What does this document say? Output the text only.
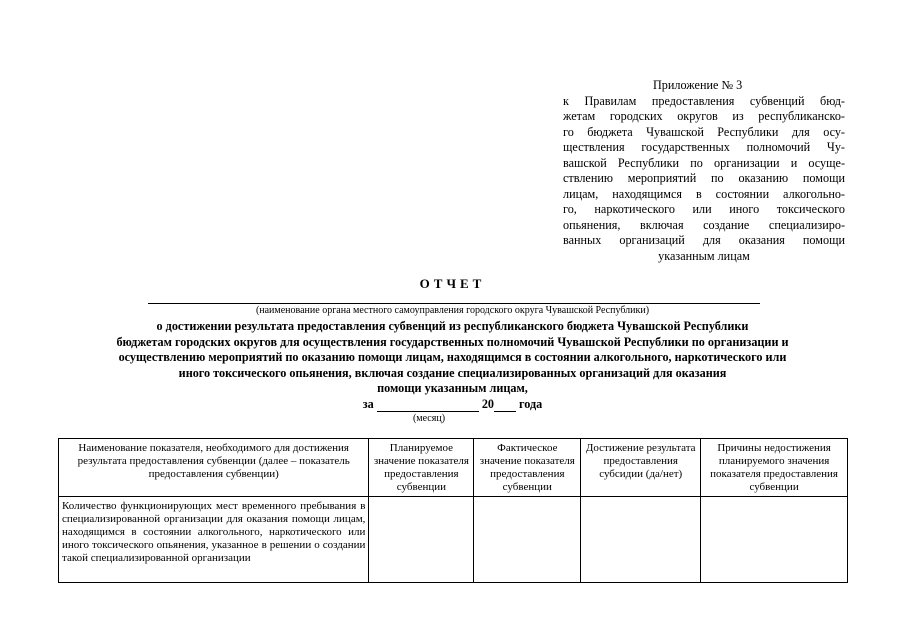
Приложение № 3
к Правилам предоставления субвенций бюд-
жетам городских округов из республиканско-
го бюджета Чувашской Республики для осу-
ществления государственных полномочий Чу-
вашской Республики по организации и осуще-
ствлению мероприятий по оказанию помощи
лицам, находящимся в состоянии алкогольно-
го, наркотического или иного токсического
опьянения, включая создание специализиро-
ванных организаций для оказания помощи
указанным лицам
ОТЧЕТ
(наименование органа местного самоуправления городского округа Чувашской Республики)
о достижении результата предоставления субвенций из республиканского бюджета Чувашской Республики
бюджетам городских округов для осуществления государственных полномочий Чувашской Республики по организации и
осуществлению мероприятий по оказанию помощи лицам, находящимся в состоянии алкогольного, наркотического или
иного токсического опьянения, включая создание специализированных организаций для оказания
помощи указанным лицам,
за	20 года
(месяц)
Наименование показателя, необходимого для достижения результата предоставления субвенции (далее – показатель предоставления субвенции)	Планируемое значение показателя предоставления субвенции	Фактическое значение показателя предоставления субвенции	Достижение результата предоставления субсидии (да/нет)	Причины недостижения планируемого значения показателя предоставления субвенции
Количество функционирующих мест временного пребывания в специализированной организации для оказания помощи лицам, находящимся в состоянии алкогольного, наркотического или иного токсического опьянения, указанное в решении о создании такой специализированной организации				
